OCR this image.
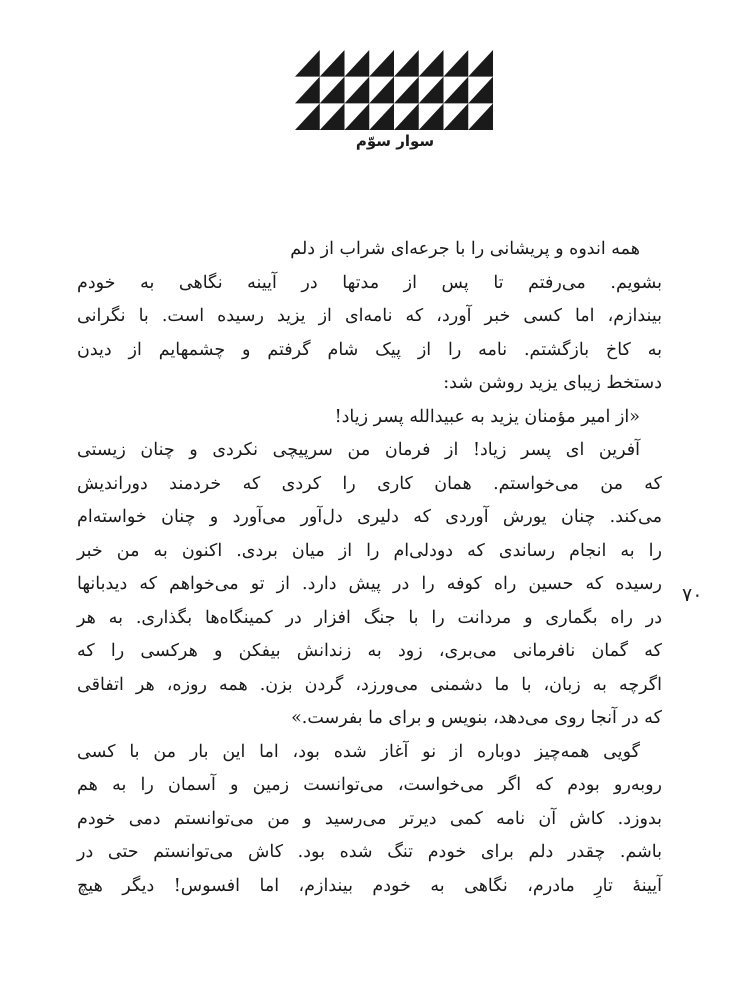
سوار سوّم
۷۰
همه اندوه و پریشانی را با جرعه‌ای شراب از دلم
بشویم. می‌رفتم تا پس از مدتها در آیینه نگاهی به خودم
بیندازم، اما کسی خبر آورد، که نامه‌ای از یزید رسیده است. با نگرانی
به کاخ بازگشتم. نامه را از پیک شام گرفتم و چشمهایم از دیدن
دستخط زیبای یزید روشن شد:
«از امیر مؤمنان یزید به عبیدالله پسر زیاد!
آفرین ای پسر زیاد! از فرمان من سرپیچی نکردی و چنان زیستی
که من می‌خواستم. همان کاری را کردی که خردمند دوراندیش
می‌کند. چنان یورش آوردی که دلیری دل‌آور می‌آورد و چنان خواسته‌ام
را به انجام رساندی که دودلی‌ام را از میان بردی. اکنون به من خبر
رسیده که حسین راه کوفه را در پیش دارد. از تو می‌خواهم که دیدبانها
در راه بگماری و مردانت را با جنگ افزار در کمینگاه‌ها بگذاری. به هر
که گمان نافرمانی می‌بری، زود به زندانش بیفکن و هرکسی را که
اگرچه به زبان، با ما دشمنی می‌ورزد، گردن بزن. همه روزه، هر اتفاقی
که در آنجا روی می‌دهد، بنویس و برای ما بفرست.»
گویی همه‌چیز دوباره از نو آغاز شده بود، اما این بار من با کسی
روبه‌رو بودم که اگر می‌خواست، می‌توانست زمین و آسمان را به هم
بدوزد. کاش آن نامه کمی دیرتر می‌رسید و من می‌توانستم دمی خودم
باشم. چقدر دلم برای خودم تنگ شده بود. کاش می‌توانستم حتی در
آیینهٔ تارِ مادرم، نگاهی به خودم بیندازم، اما افسوس! دیگر هیچ
